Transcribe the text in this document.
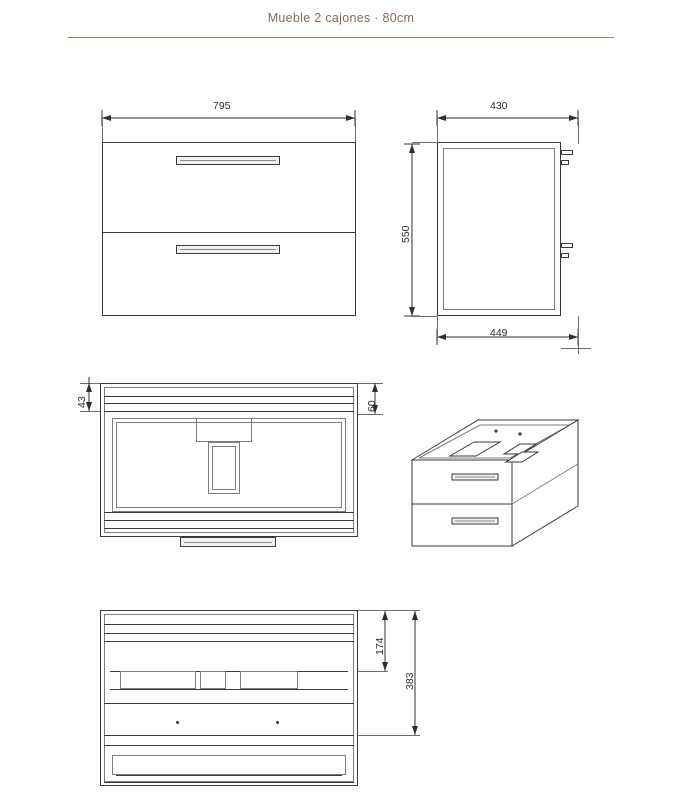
Mueble 2 cajones · 80cm
795	430
550
449
43	60
174
383
